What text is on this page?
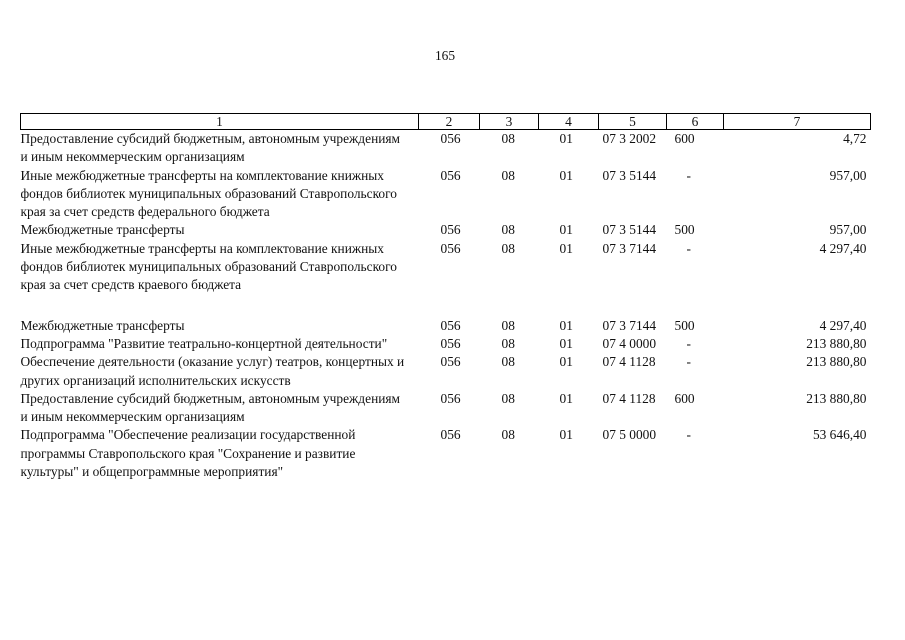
165
1	2	3	4	5	6	7
Предоставление субсидий бюджетным, автономным учреждениям и иным некоммерческим организациям	056	08	01	07 3 2002	600	4,72
Иные межбюджетные трансферты на комплектование книжных фондов библиотек муниципальных образований Ставропольского края за счет средств федерального бюджета	056	08	01	07 3 5144	-	957,00
Межбюджетные трансферты	056	08	01	07 3 5144	500	957,00
Иные межбюджетные трансферты на комплектование книжных фондов библиотек муниципальных образований Ставропольского края за счет средств краевого бюджета	056	08	01	07 3 7144	-	4 297,40

Межбюджетные трансферты	056	08	01	07 3 7144	500	4 297,40
Подпрограмма "Развитие театрально-концертной деятельности"	056	08	01	07 4 0000	-	213 880,80
Обеспечение деятельности (оказание услуг) театров, концертных и других организаций исполнительских искусств	056	08	01	07 4 1128	-	213 880,80
Предоставление субсидий бюджетным, автономным учреждениям и иным некоммерческим организациям	056	08	01	07 4 1128	600	213 880,80
Подпрограмма "Обеспечение реализации государственной программы Ставропольского края "Сохранение и развитие культуры" и общепрограммные мероприятия"	056	08	01	07 5 0000	-	53 646,40
